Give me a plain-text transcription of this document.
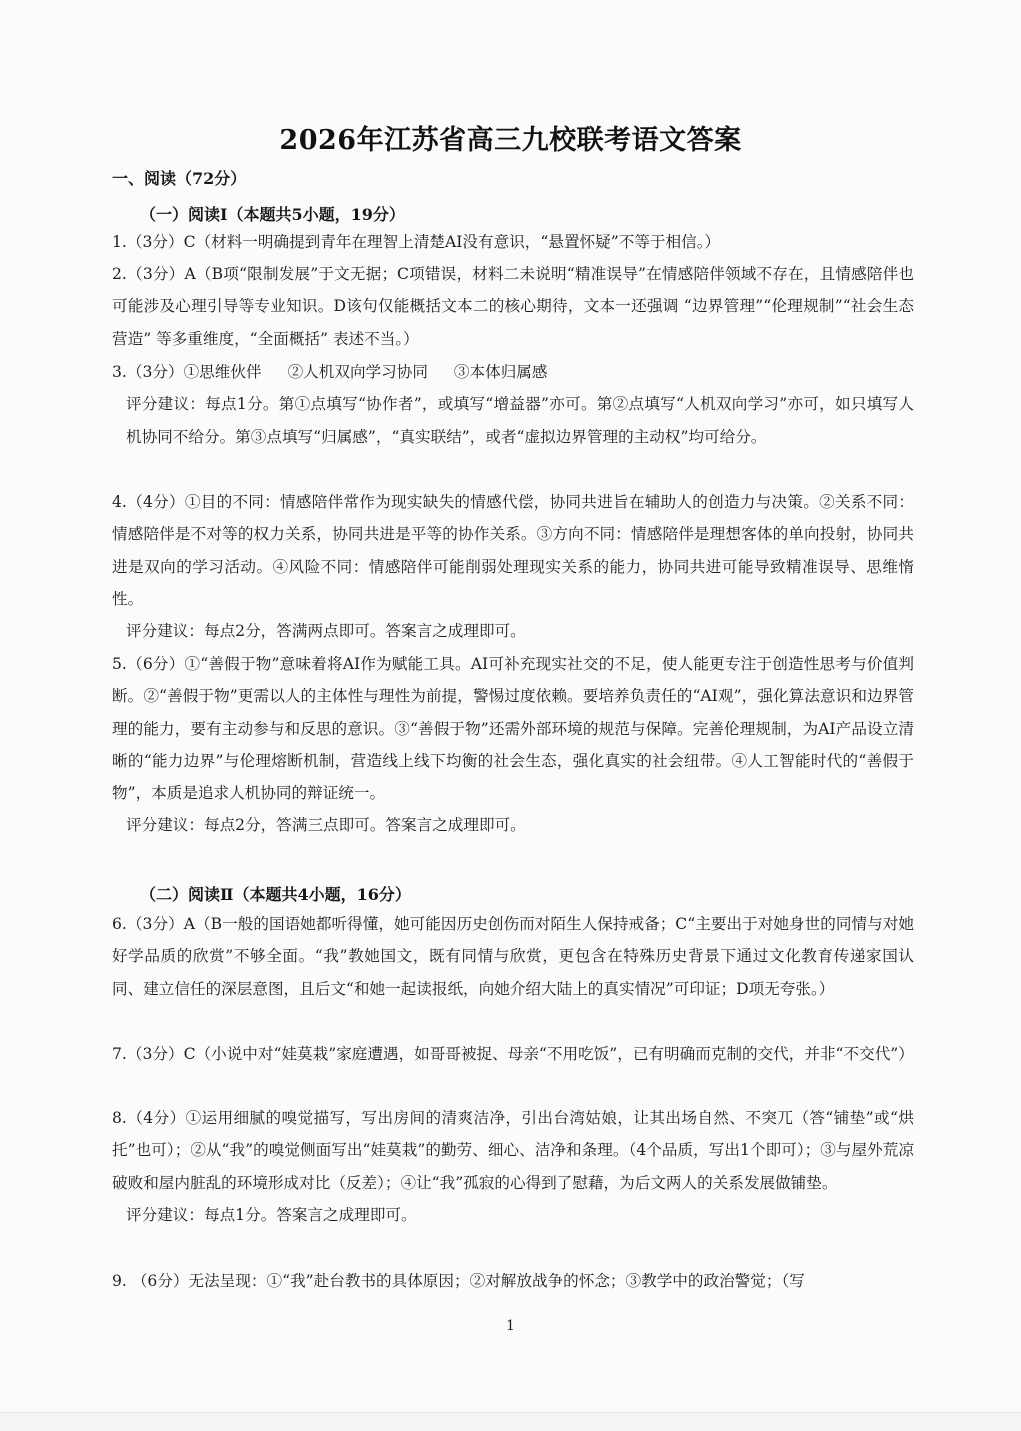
2026年江苏省高三九校联考语文答案
一、阅读（72分）
（一）阅读Ⅰ（本题共5小题，19分）
1.（3分）C（材料一明确提到青年在理智上清楚AI没有意识，“悬置怀疑”不等于相信。）
2.（3分）A（B项“限制发展”于文无据；C项错误，材料二未说明“精准误导”在情感陪伴领域不存在，且情感陪伴也可能涉及心理引导等专业知识。D该句仅能概括文本二的核心期待，文本一还强调 “边界管理”“伦理规制”“社会生态营造” 等多重维度，“全面概括” 表述不当。）
3.（3分）①思维伙伴 ②人机双向学习协同 ③本体归属感
评分建议：每点1分。第①点填写“协作者”，或填写“增益器”亦可。第②点填写“人机双向学习”亦可，如只填写人机协同不给分。第③点填写“归属感”，“真实联结”，或者“虚拟边界管理的主动权”均可给分。
4.（4分）①目的不同：情感陪伴常作为现实缺失的情感代偿，协同共进旨在辅助人的创造力与决策。②关系不同：情感陪伴是不对等的权力关系，协同共进是平等的协作关系。③方向不同：情感陪伴是理想客体的单向投射，协同共进是双向的学习活动。④风险不同：情感陪伴可能削弱处理现实关系的能力，协同共进可能导致精准误导、思维惰性。
评分建议：每点2分，答满两点即可。答案言之成理即可。
5.（6分）①“善假于物”意味着将AI作为赋能工具。AI可补充现实社交的不足，使人能更专注于创造性思考与价值判断。②“善假于物”更需以人的主体性与理性为前提，警惕过度依赖。要培养负责任的“AI观”，强化算法意识和边界管理的能力，要有主动参与和反思的意识。③“善假于物”还需外部环境的规范与保障。完善伦理规制，为AI产品设立清晰的“能力边界”与伦理熔断机制，营造线上线下均衡的社会生态，强化真实的社会纽带。④人工智能时代的“善假于物”，本质是追求人机协同的辩证统一。
评分建议：每点2分，答满三点即可。答案言之成理即可。
（二）阅读Ⅱ（本题共4小题，16分）
6.（3分）A（B一般的国语她都听得懂，她可能因历史创伤而对陌生人保持戒备；C“主要出于对她身世的同情与对她好学品质的欣赏”不够全面。“我”教她国文，既有同情与欣赏，更包含在特殊历史背景下通过文化教育传递家国认同、建立信任的深层意图，且后文“和她一起读报纸，向她介绍大陆上的真实情况”可印证；D项无夸张。）
7.（3分）C（小说中对“娃莫栽”家庭遭遇，如哥哥被捉、母亲“不用吃饭”，已有明确而克制的交代，并非“不交代”）
8.（4分）①运用细腻的嗅觉描写，写出房间的清爽洁净，引出台湾姑娘，让其出场自然、不突兀（答“铺垫”或“烘托”也可）；②从“我”的嗅觉侧面写出“娃莫栽”的勤劳、细心、洁净和条理。（4个品质，写出1个即可）；③与屋外荒凉破败和屋内脏乱的环境形成对比（反差）；④让“我”孤寂的心得到了慰藉，为后文两人的关系发展做铺垫。
评分建议：每点1分。答案言之成理即可。
9. （6分）无法呈现：①“我”赴台教书的具体原因；②对解放战争的怀念；③教学中的政治警觉；（写
1
